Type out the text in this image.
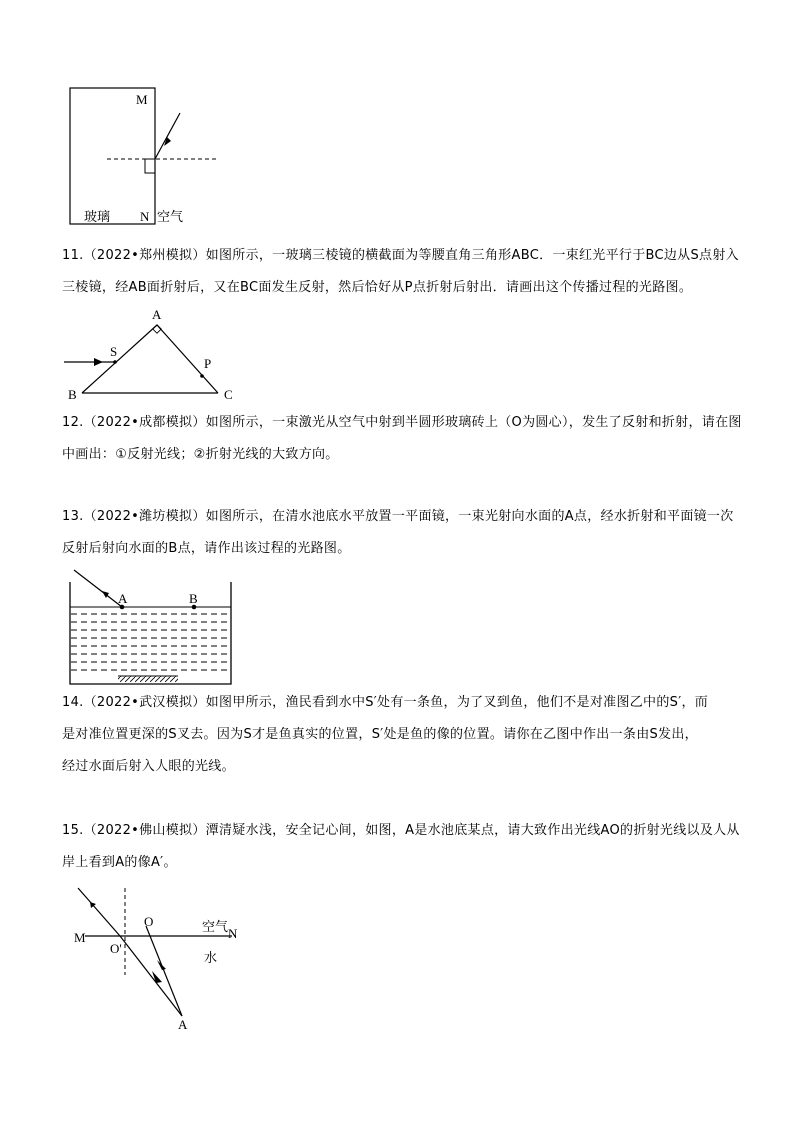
M
N
玻璃	空气
11.（2022•郑州模拟）如图所示，一玻璃三棱镜的横截面为等腰直角三角形ABC．一束红光平行于BC边从S点射入
三棱镜，经AB面折射后，又在BC面发生反射，然后恰好从P点折射后射出．请画出这个传播过程的光路图。
A
B	C
S
P
12.（2022•成都模拟）如图所示，一束激光从空气中射到半圆形玻璃砖上（O为圆心），发生了反射和折射，请在图
中画出：①反射光线；②折射光线的大致方向。
13.（2022•潍坊模拟）如图所示，在清水池底水平放置一平面镜，一束光射向水面的A点，经水折射和平面镜一次
反射后射向水面的B点，请作出该过程的光路图。
A	B
14.（2022•武汉模拟）如图甲所示，渔民看到水中S′处有一条鱼，为了叉到鱼，他们不是对准图乙中的S′，而
是对准位置更深的S叉去。因为S才是鱼真实的位置，S′处是鱼的像的位置。请你在乙图中作出一条由S发出，
经过水面后射入人眼的光线。
15.（2022•佛山模拟）潭清疑水浅，安全记心间，如图，A是水池底某点，请大致作出光线AO的折射光线以及人从
岸上看到A的像A′。
M	N
O
O'
空气
水
A
